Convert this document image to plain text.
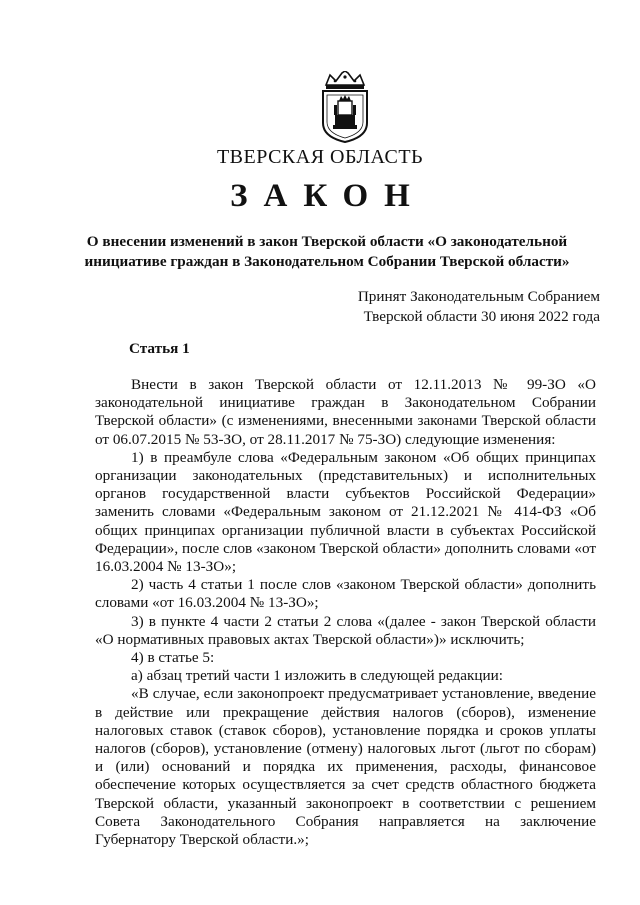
ТВЕРСКАЯ ОБЛАСТЬ
ЗАКОН
О внесении изменений в закон Тверской области «О законодательной инициативе граждан в Законодательном Собрании Тверской области»
Принят Законодательным Собранием
Тверской области 30 июня 2022 года
Статья 1

Внести в закон Тверской области от 12.11.2013 № 99-ЗО «О законодательной инициативе граждан в Законодательном Собрании Тверской области» (с изменениями, внесенными законами Тверской области от 06.07.2015 № 53-ЗО, от 28.11.2017 № 75-ЗО) следующие изменения:

1) в преамбуле слова «Федеральным законом «Об общих принципах организации законодательных (представительных) и исполнительных органов государственной власти субъектов Российской Федерации» заменить словами «Федеральным законом от 21.12.2021 № 414-ФЗ «Об общих принципах организации публичной власти в субъектах Российской Федерации», после слов «законом Тверской области» дополнить словами «от 16.03.2004 № 13-ЗО»;

2) часть 4 статьи 1 после слов «законом Тверской области» дополнить словами «от 16.03.2004 № 13-ЗО»;

3) в пункте 4 части 2 статьи 2 слова «(далее - закон Тверской области «О нормативных правовых актах Тверской области»)» исключить;

4) в статье 5:

а) абзац третий части 1 изложить в следующей редакции:

«В случае, если законопроект предусматривает установление, введение в действие или прекращение действия налогов (сборов), изменение налоговых ставок (ставок сборов), установление порядка и сроков уплаты налогов (сборов), установление (отмену) налоговых льгот (льгот по сборам) и (или) оснований и порядка их применения, расходы, финансовое обеспечение которых осуществляется за счет средств областного бюджета Тверской области, указанный законопроект в соответствии с решением Совета Законодательного Собрания направляется на заключение Губернатору Тверской области.»;
